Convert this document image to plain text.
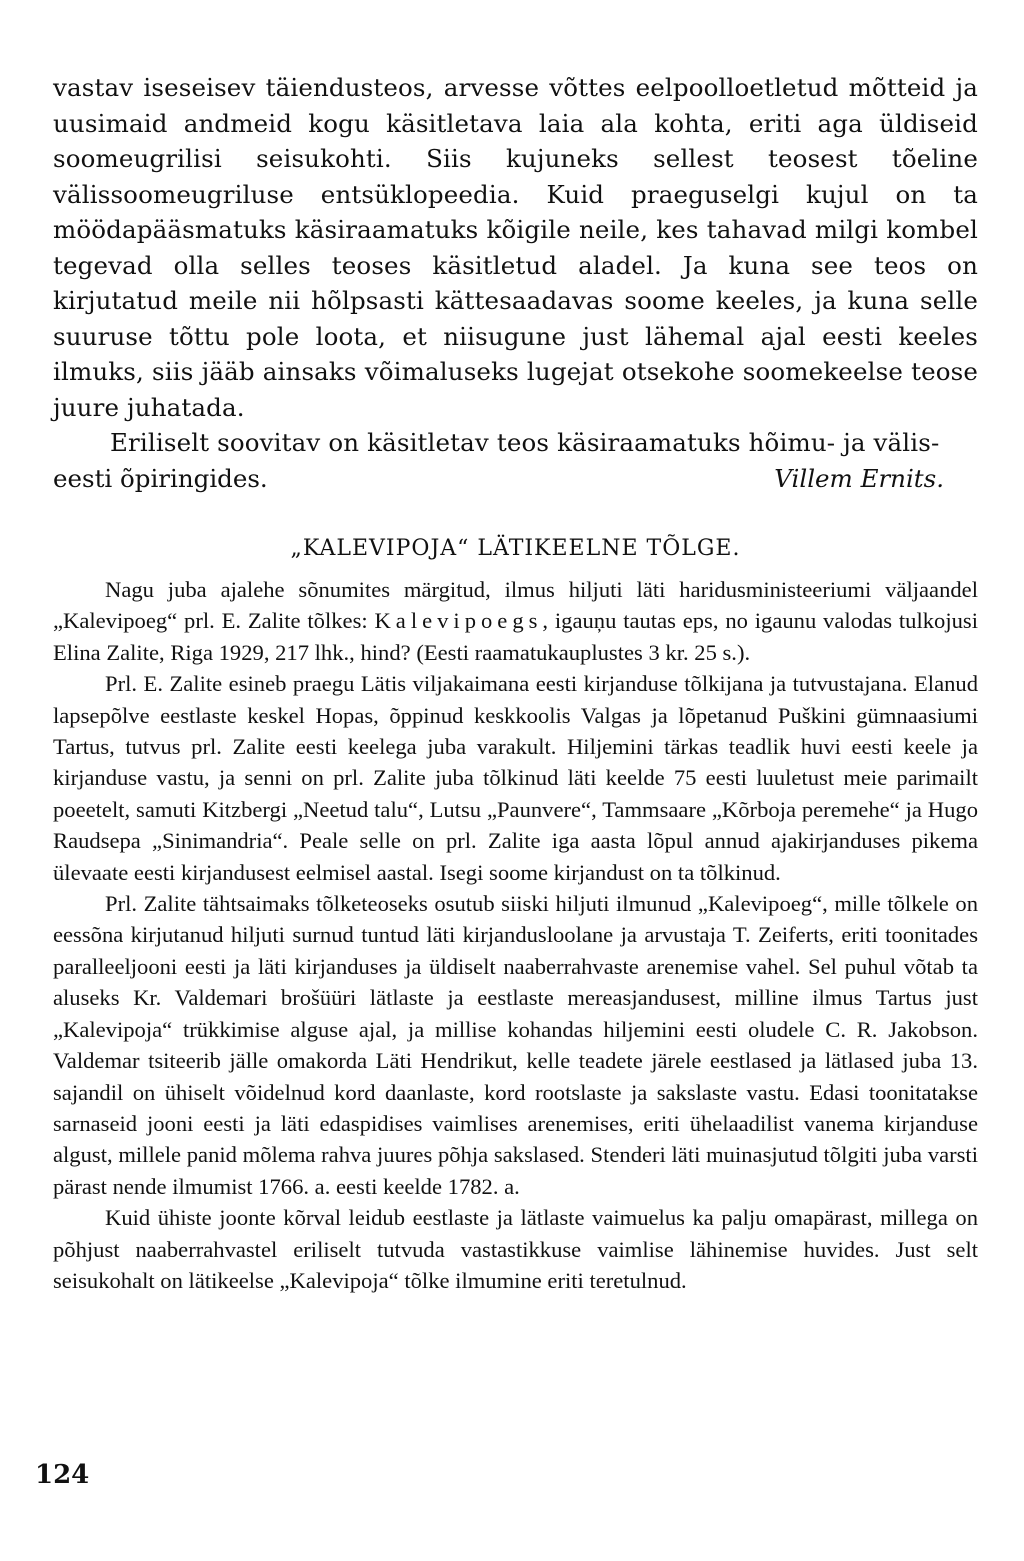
vastav iseseisev täiendusteos, arvesse võttes eelpoolloetletud mõtteid ja uusimaid andmeid kogu käsitletava laia ala kohta, eriti aga üldiseid soomeugrilisi seisukohti. Siis kujuneks sellest teosest tõeline välissoomeugriluse entsüklopeedia. Kuid praeguselgi kujul on ta möödapääsmatuks käsiraamatuks kõigile neile, kes tahavad milgi kombel tegevad olla selles teoses käsitletud aladel. Ja kuna see teos on kirjutatud meile nii hõlpsasti kättesaadavas soome keeles, ja kuna selle suuruse tõttu pole loota, et niisugune just lähemal ajal eesti keeles ilmuks, siis jääb ainsaks võimaluseks lugejat otsekohe soomekeelse teose juure juhatada.

Eriliselt soovitav on käsitletav teos käsiraamatuks hõimu- ja välis-

eesti õpiringides.	Villem Ernits.
„KALEVIPOJA“ LÄTIKEELNE TÕLGE.

Nagu juba ajalehe sõnumites märgitud, ilmus hiljuti läti haridusministeeriumi väljaandel „Kalevipoeg“ prl. E. Zalite tõlkes: Kalevipoegs, igauņu tautas eps, no igaunu valodas tulkojusi Elina Zalite, Riga 1929, 217 lhk., hind? (Eesti raamatukauplustes 3 kr. 25 s.).

Prl. E. Zalite esineb praegu Lätis viljakaimana eesti kirjanduse tõlkijana ja tutvustajana. Elanud lapsepõlve eestlaste keskel Hopas, õppinud keskkoolis Valgas ja lõpetanud Puškini gümnaasiumi Tartus, tutvus prl. Zalite eesti keelega juba varakult. Hiljemini tärkas teadlik huvi eesti keele ja kirjanduse vastu, ja senni on prl. Zalite juba tõlkinud läti keelde 75 eesti luuletust meie parimailt poeetelt, samuti Kitzbergi „Neetud talu“, Lutsu „Paunvere“, Tammsaare „Kõrboja peremehe“ ja Hugo Raudsepa „Sinimandria“. Peale selle on prl. Zalite iga aasta lõpul annud ajakirjanduses pikema ülevaate eesti kirjandusest eelmisel aastal. Isegi soome kirjandust on ta tõlkinud.

Prl. Zalite tähtsaimaks tõlketeoseks osutub siiski hiljuti ilmunud „Kalevipoeg“, mille tõlkele on eessõna kirjutanud hiljuti surnud tuntud läti kirjandusloolane ja arvustaja T. Zeiferts, eriti toonitades paralleeljooni eesti ja läti kirjanduses ja üldiselt naaberrahvaste arenemise vahel. Sel puhul võtab ta aluseks Kr. Valdemari brošüüri lätlaste ja eestlaste mereasjandusest, milline ilmus Tartus just „Kalevipoja“ trükkimise alguse ajal, ja millise kohandas hiljemini eesti oludele C. R. Jakobson. Valdemar tsiteerib jälle omakorda Läti Hendrikut, kelle teadete järele eestlased ja lätlased juba 13. sajandil on ühiselt võidelnud kord daanlaste, kord rootslaste ja sakslaste vastu. Edasi toonitatakse sarnaseid jooni eesti ja läti edaspidises vaimlises arenemises, eriti ühelaadilist vanema kirjanduse algust, millele panid mõlema rahva juures põhja sakslased. Stenderi läti muinasjutud tõlgiti juba varsti pärast nende ilmumist 1766. a. eesti keelde 1782. a.

Kuid ühiste joonte kõrval leidub eestlaste ja lätlaste vaimuelus ka palju omapärast, millega on põhjust naaberrahvastel eriliselt tutvuda vastastikkuse vaimlise lähinemise huvides. Just selt seisukohalt on lätikeelse „Kalevipoja“ tõlke ilmumine eriti teretulnud.

124
